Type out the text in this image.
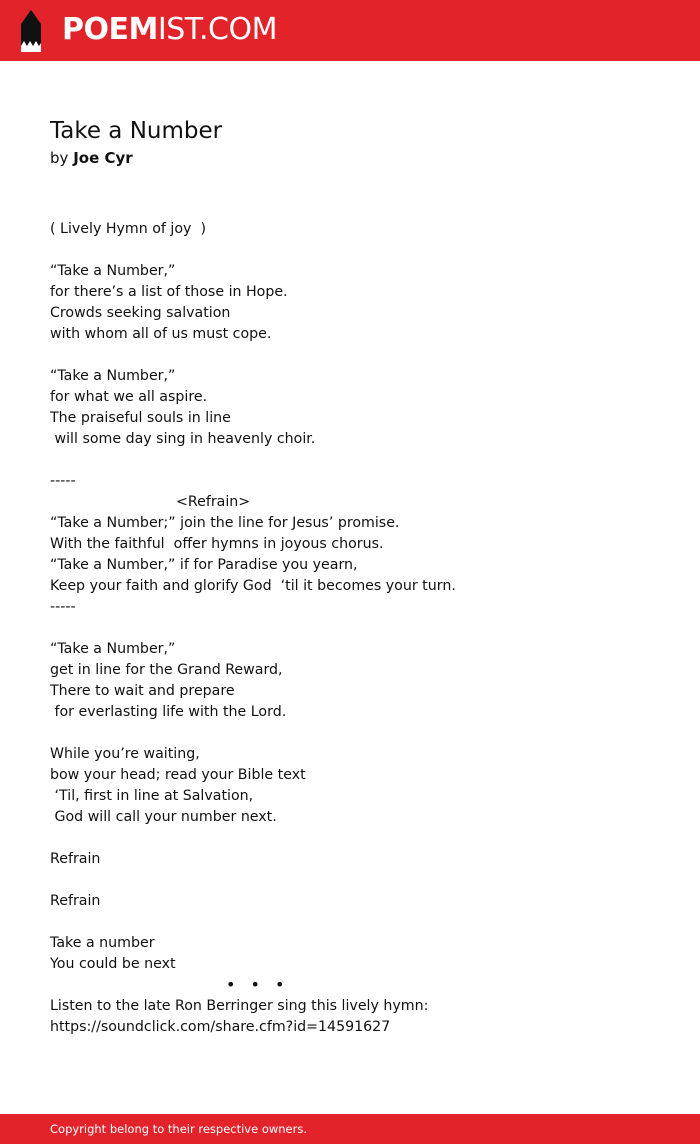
POEMIST.COM
Take a Number
by Joe Cyr
( Lively Hymn of joy  )
“Take a Number,”
for there’s a list of those in Hope.
Crowds seeking salvation
with whom all of us must cope.
“Take a Number,”
for what we all aspire.
The praiseful souls in line
will some day sing in heavenly choir.
-----
<Refrain>
“Take a Number;” join the line for Jesus’ promise.
With the faithful  offer hymns in joyous chorus.
“Take a Number,” if for Paradise you yearn,
Keep your faith and glorify God  ‘til it becomes your turn.
-----
“Take a Number,”
get in line for the Grand Reward,
There to wait and prepare
for everlasting life with the Lord.
While you’re waiting,
bow your head; read your Bible text
‘Til, first in line at Salvation,
God will call your number next.
Refrain
Refrain
Take a number
You could be next
• • •
Listen to the late Ron Berringer sing this lively hymn:
https://soundclick.com/share.cfm?id=14591627
Copyright belong to their respective owners.
